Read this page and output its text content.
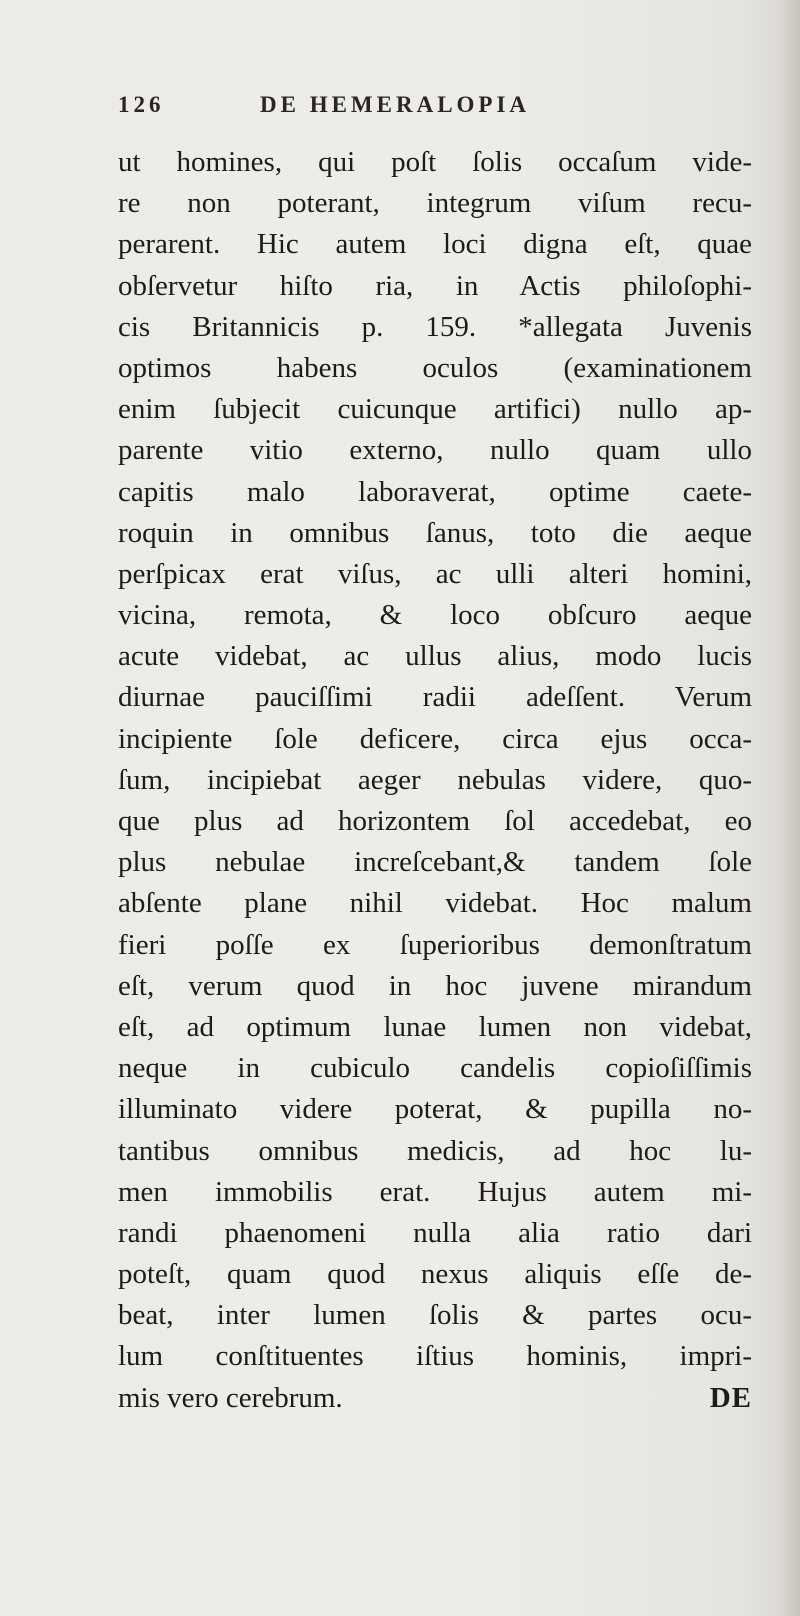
126	DE HEMERALOPIA
ut homines, qui poſt ſolis occaſum vide-
re non poterant, integrum viſum recu-
perarent. Hic autem loci digna eſt, quae
obſervetur hiſto ria, in Actis philoſophi-
cis Britannicis p. 159. *allegata Juvenis
optimos habens oculos (examinationem
enim ſubjecit cuicunque artifici) nullo ap-
parente vitio externo, nullo quam ullo
capitis malo laboraverat, optime caete-
roquin in omnibus ſanus, toto die aeque
perſpicax erat viſus, ac ulli alteri homini,
vicina, remota, & loco obſcuro aeque
acute videbat, ac ullus alius, modo lucis
diurnae pauciſſimi radii adeſſent. Verum
incipiente ſole deficere, circa ejus occa-
ſum, incipiebat aeger nebulas videre, quo-
que plus ad horizontem ſol accedebat, eo
plus nebulae increſcebant,& tandem ſole
abſente plane nihil videbat. Hoc malum
fieri poſſe ex ſuperioribus demonſtratum
eſt, verum quod in hoc juvene mirandum
eſt, ad optimum lunae lumen non videbat,
neque in cubiculo candelis copioſiſſimis
illuminato videre poterat, & pupilla no-
tantibus omnibus medicis, ad hoc lu-
men immobilis erat. Hujus autem mi-
randi phaenomeni nulla alia ratio dari
poteſt, quam quod nexus aliquis eſſe de-
beat, inter lumen ſolis & partes ocu-
lum conſtituentes iſtius hominis, impri-
mis vero cerebrum.	DE
